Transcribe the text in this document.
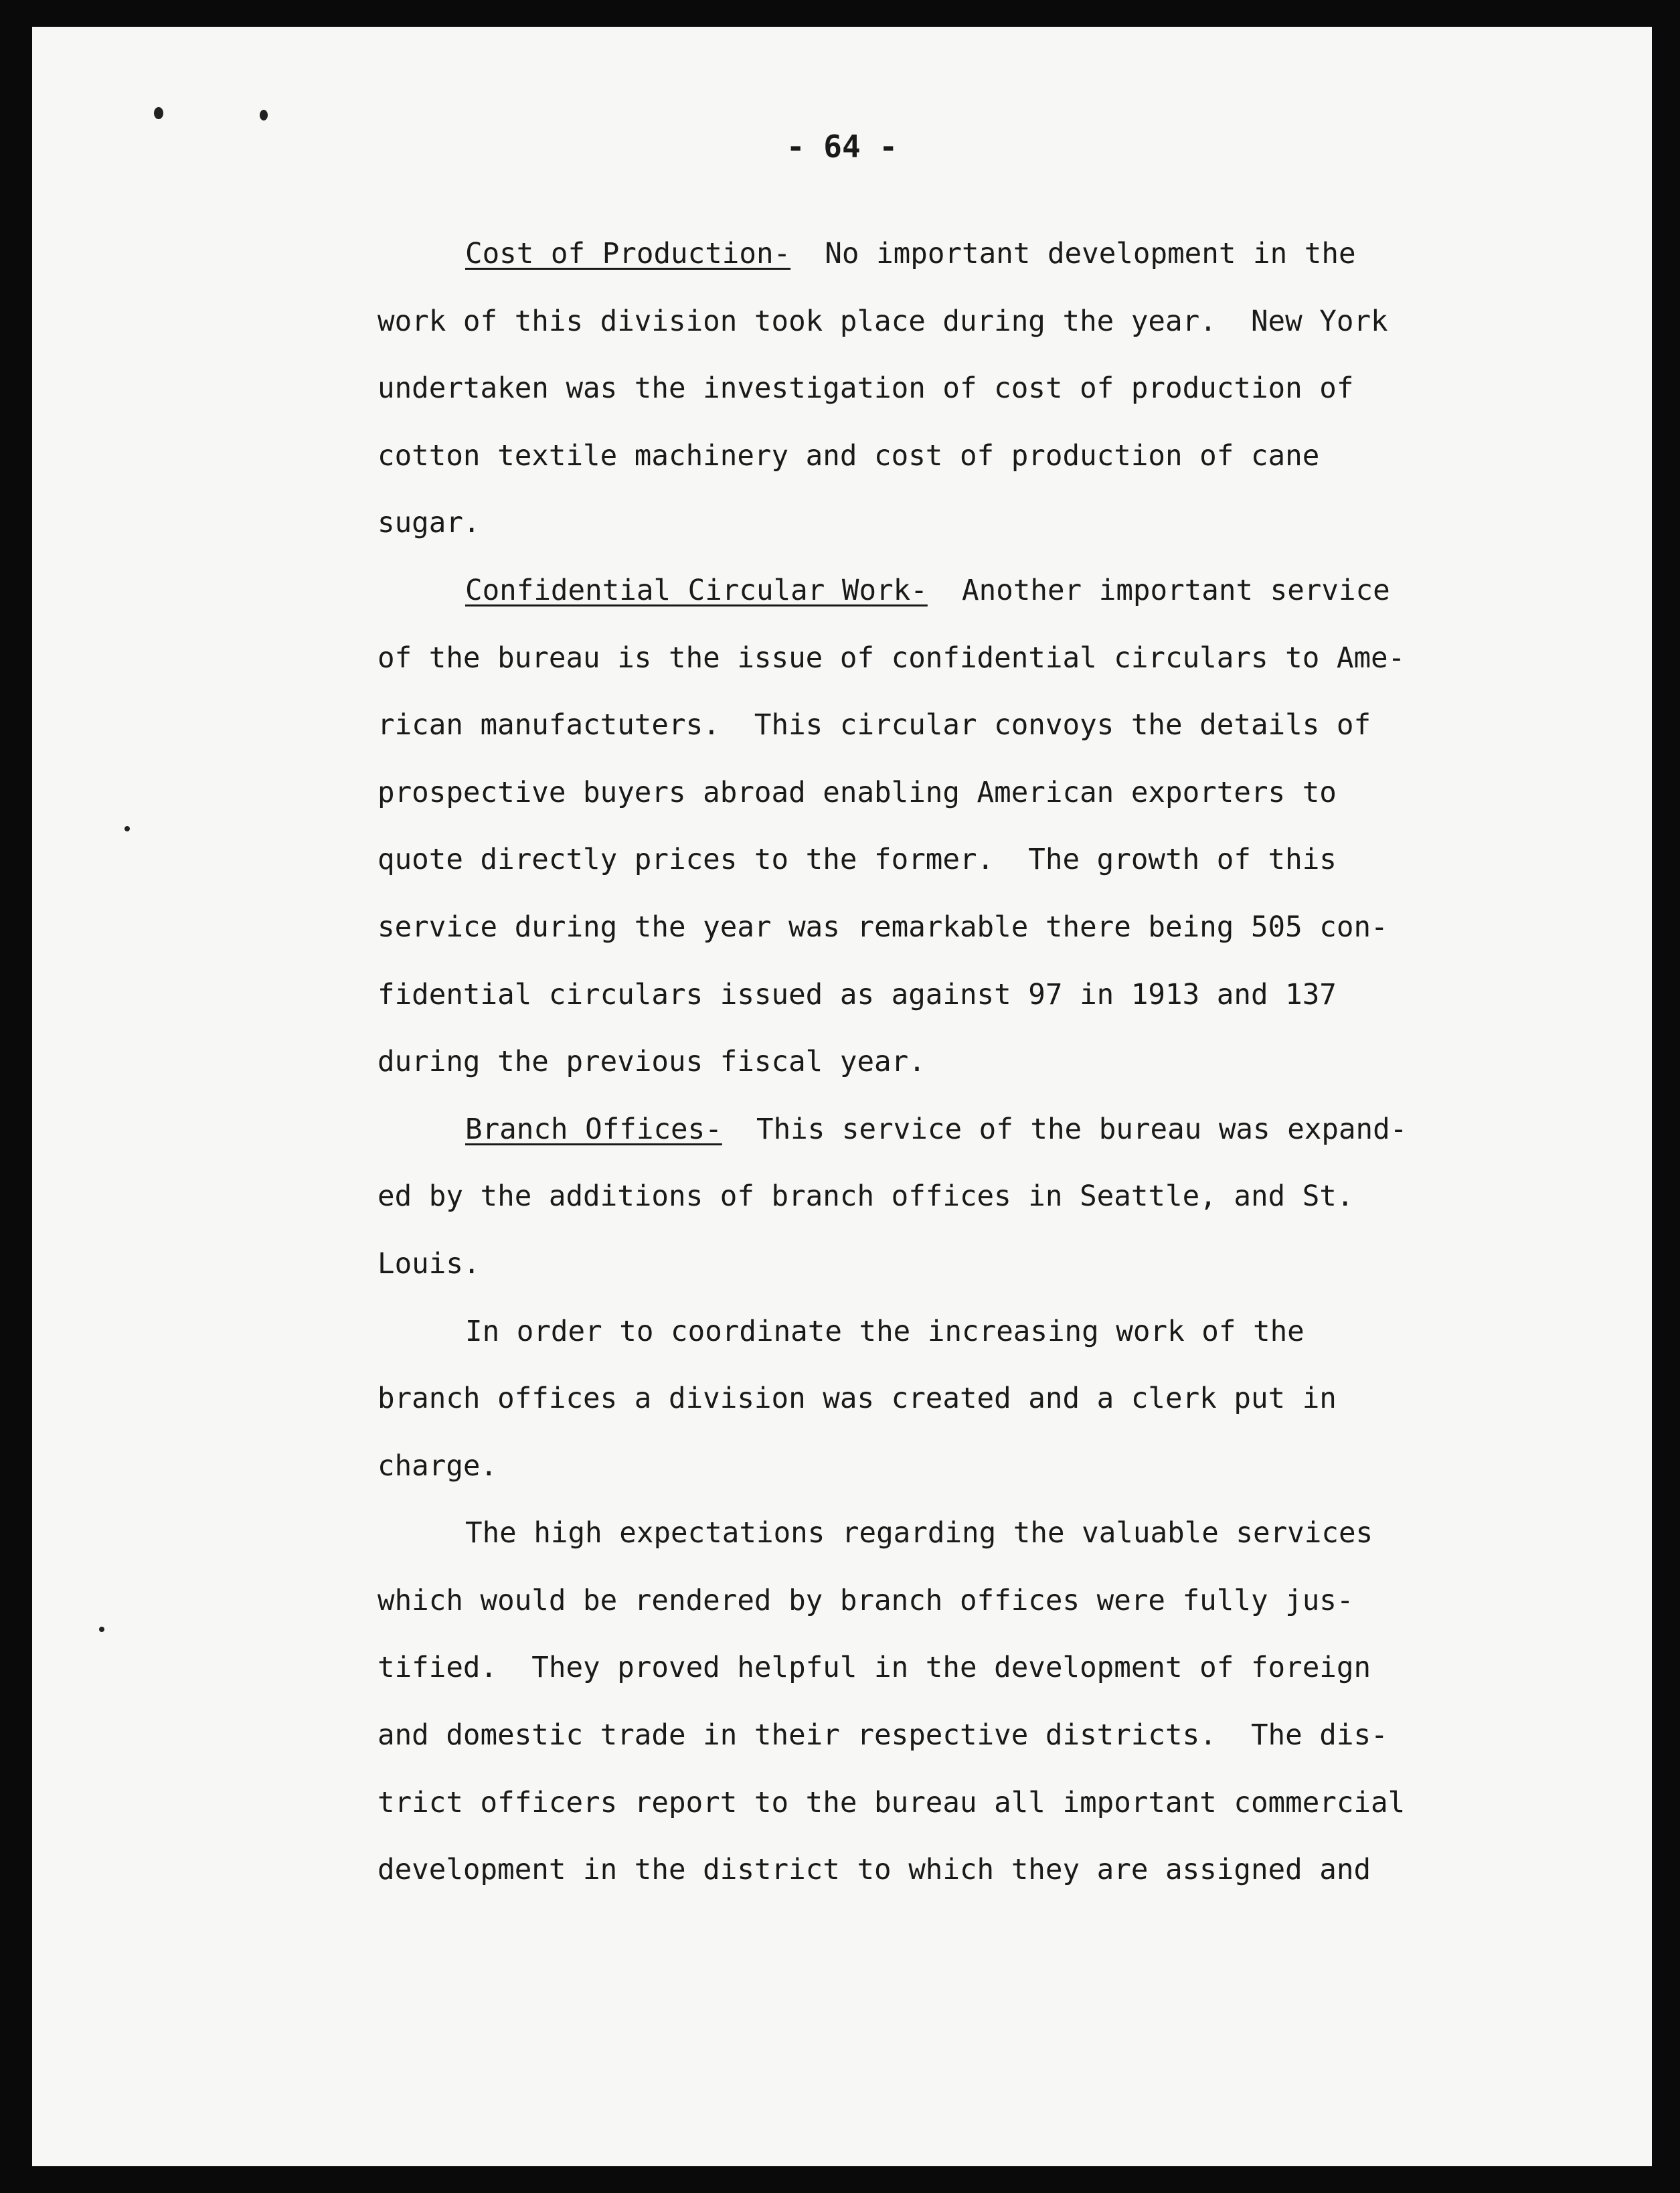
- 64 -
Cost of Production-  No important development in the
work of this division took place during the year.  New York
undertaken was the investigation of cost of production of
cotton textile machinery and cost of production of cane
sugar.
Confidential Circular Work-  Another important service
of the bureau is the issue of confidential circulars to Ame-
rican manufactuters.  This circular convoys the details of
prospective buyers abroad enabling American exporters to
quote directly prices to the former.  The growth of this
service during the year was remarkable there being 505 con-
fidential circulars issued as against 97 in 1913 and 137
during the previous fiscal year.
Branch Offices-  This service of the bureau was expand-
ed by the additions of branch offices in Seattle, and St.
Louis.
In order to coordinate the increasing work of the
branch offices a division was created and a clerk put in
charge.
The high expectations regarding the valuable services
which would be rendered by branch offices were fully jus-
tified.  They proved helpful in the development of foreign
and domestic trade in their respective districts.  The dis-
trict officers report to the bureau all important commercial
development in the district to which they are assigned and
